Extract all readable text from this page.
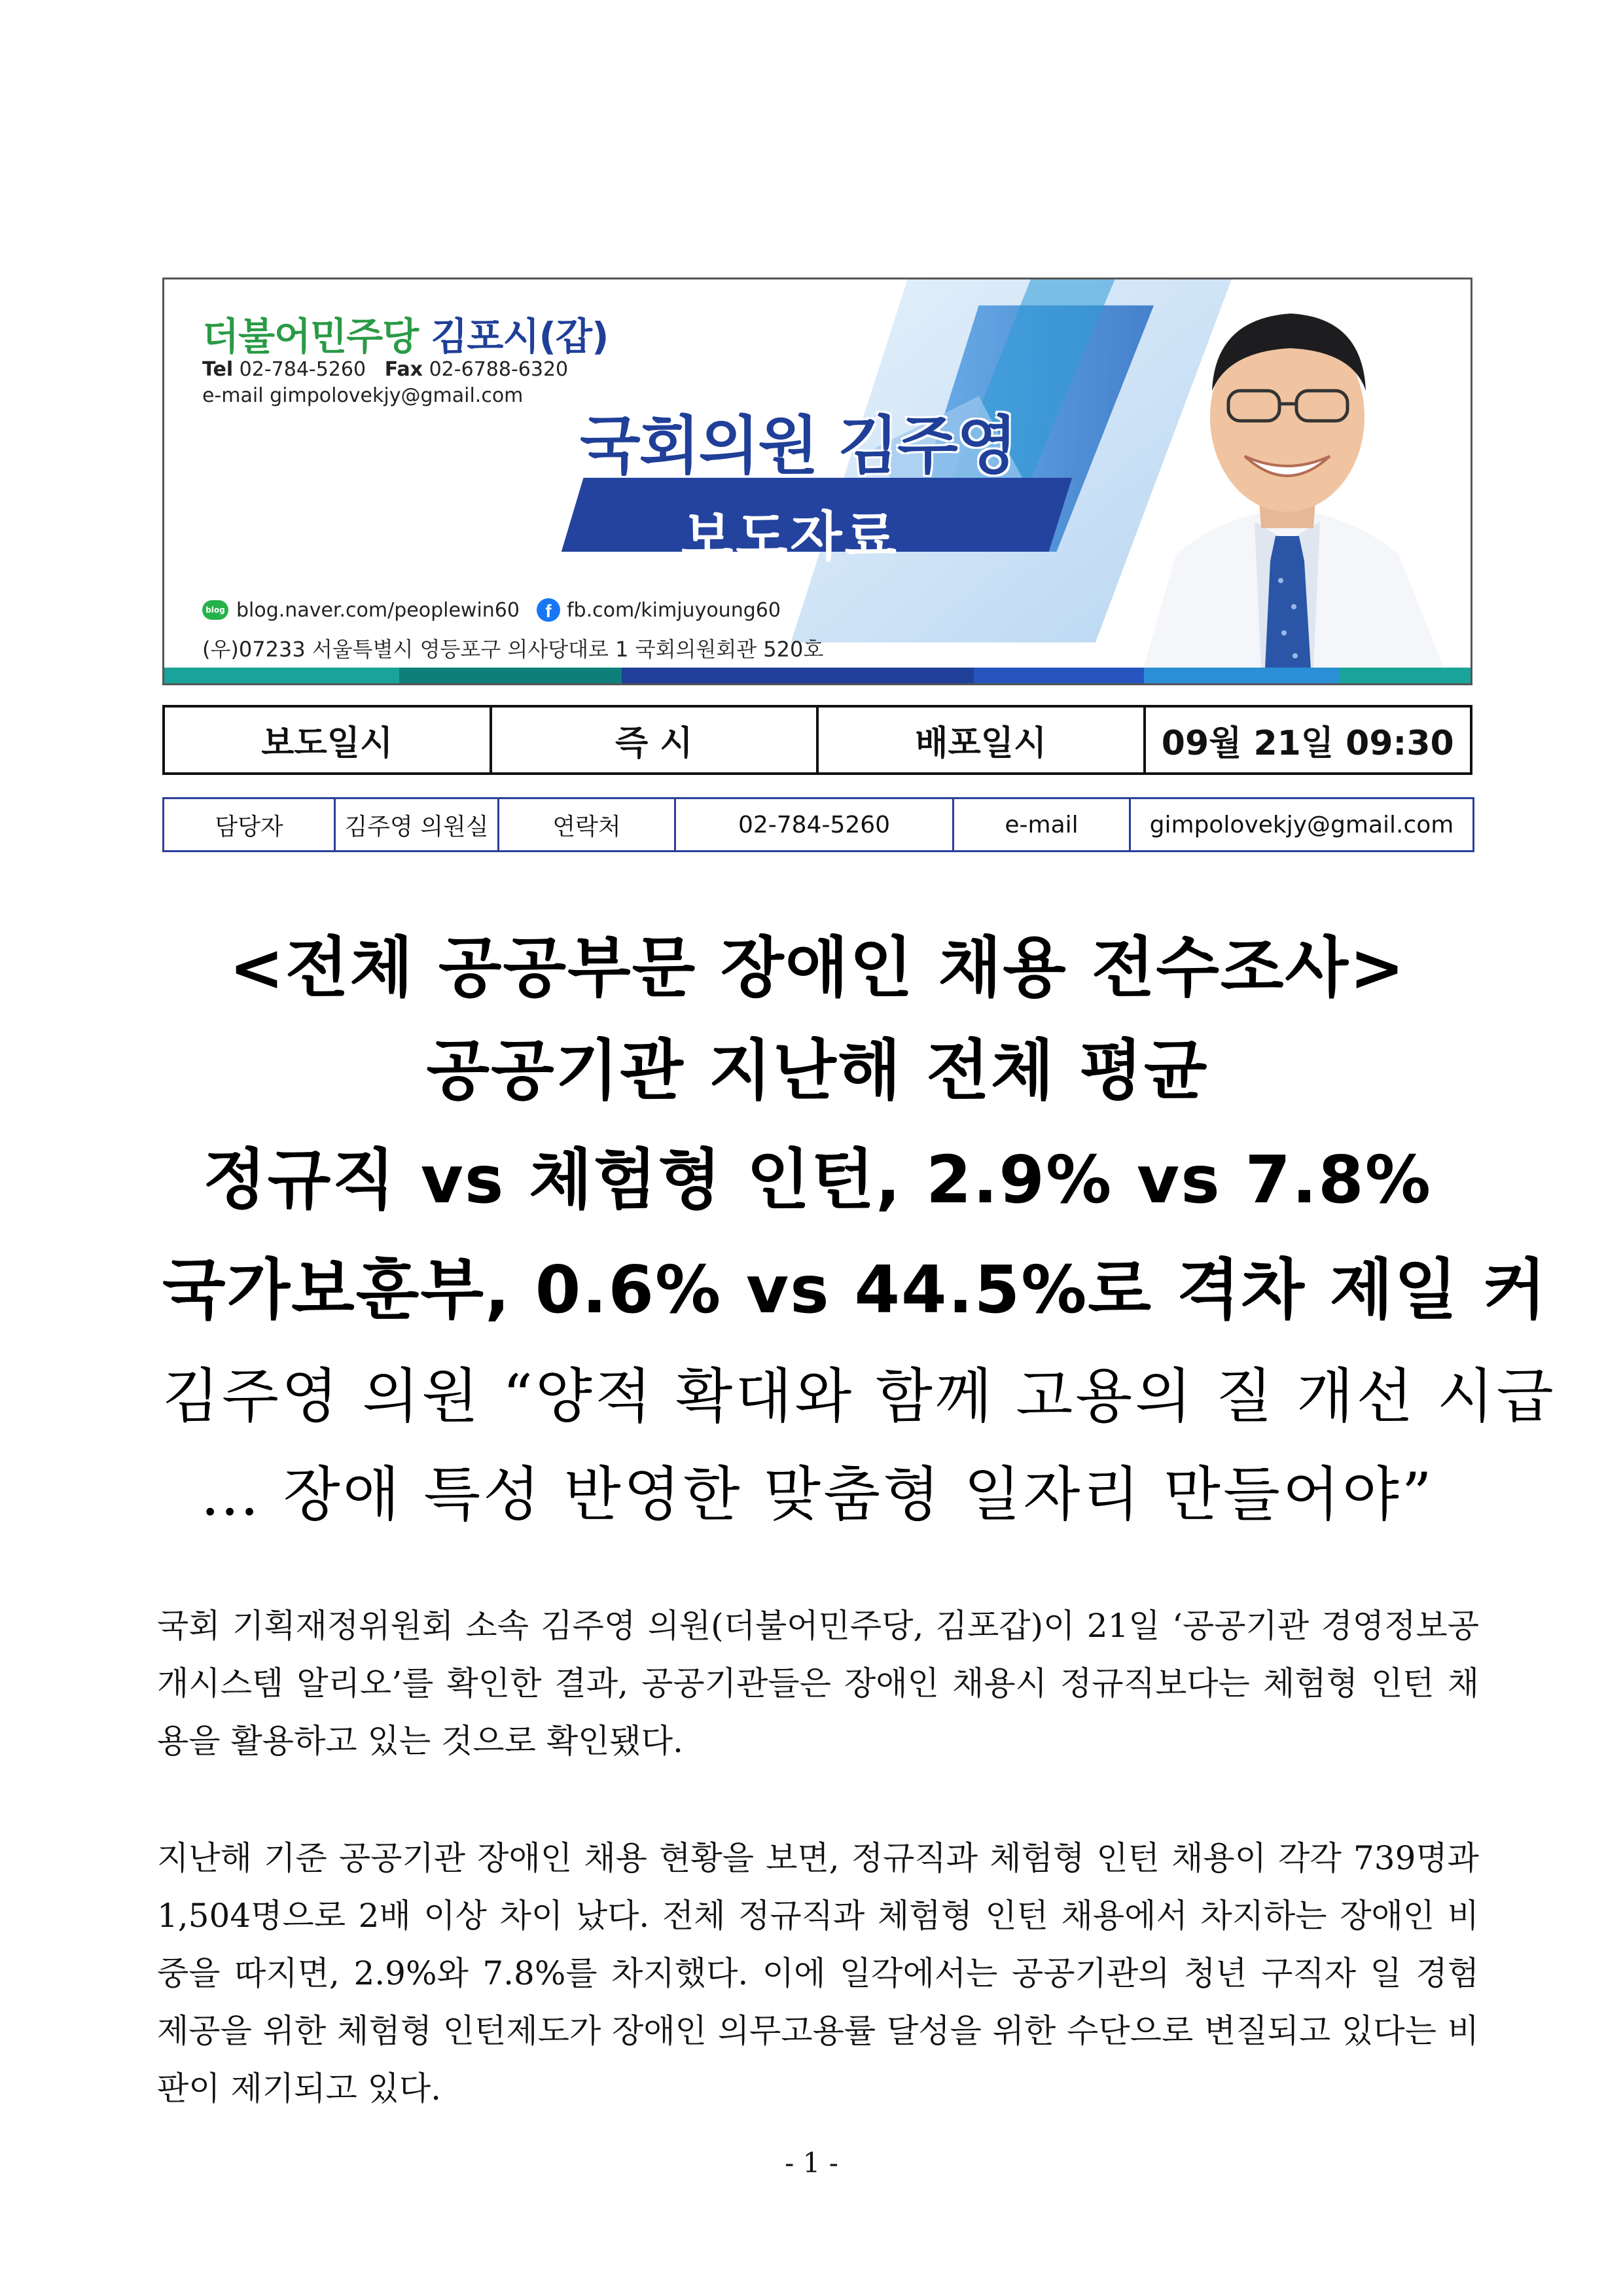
더불어민주당 김포시(갑)
Tel 02-784-5260 Fax 02-6788-6320
e-mail gimpolovekjy@gmail.com
국회의원 김주영
보도자료
blog blog.naver.com/peoplewin60	f fb.com/kimjuyoung60
(우)07233 서울특별시 영등포구 의사당대로 1 국회의원회관 520호
보도일시	즉 시	배포일시	09월 21일 09:30
담당자	김주영 의원실	연락처	02-784-5260	e-mail	gimpolovekjy@gmail.com
<전체 공공부문 장애인 채용 전수조사>
공공기관 지난해 전체 평균
정규직 vs 체험형 인턴, 2.9% vs 7.8%
국가보훈부, 0.6% vs 44.5%로 격차 제일 커
김주영 의원 “양적 확대와 함께 고용의 질 개선 시급
… 장애 특성 반영한 맞춤형 일자리 만들어야”

국회 기획재정위원회 소속 김주영 의원(더불어민주당, 김포갑)이 21일 ‘공공기관 경영정보공개시스템 알리오’를 확인한 결과, 공공기관들은 장애인 채용시 정규직보다는 체험형 인턴 채용을 활용하고 있는 것으로 확인됐다.

지난해 기준 공공기관 장애인 채용 현황을 보면, 정규직과 체험형 인턴 채용이 각각 739명과 1,504명으로 2배 이상 차이 났다. 전체 정규직과 체험형 인턴 채용에서 차지하는 장애인 비중을 따지면, 2.9%와 7.8%를 차지했다. 이에 일각에서는 공공기관의 청년 구직자 일 경험 제공을 위한 체험형 인턴제도가 장애인 의무고용률 달성을 위한 수단으로 변질되고 있다는 비판이 제기되고 있다.

- 1 -
